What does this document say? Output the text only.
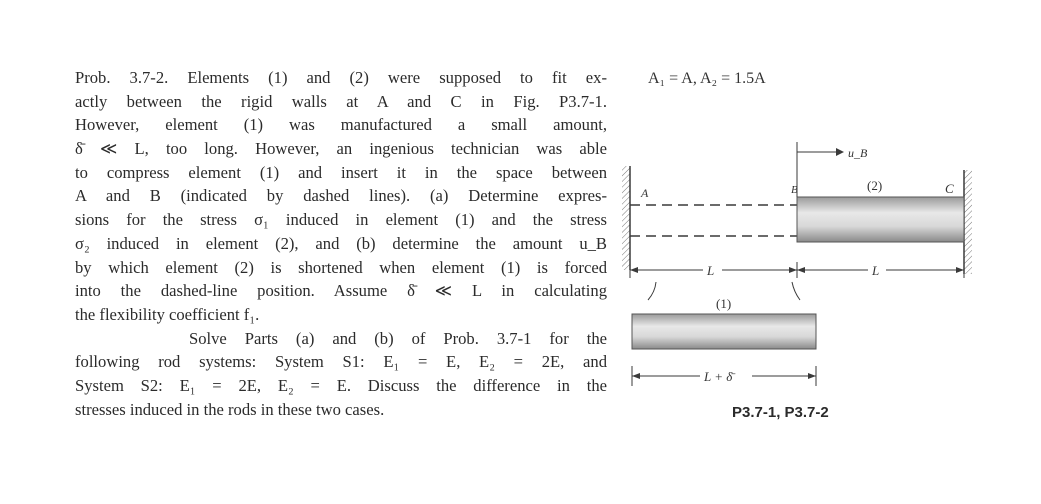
Prob. 3.7-2. Elements (1) and (2) were supposed to fit ex-
actly between the rigid walls at A and C in Fig. P3.7-1.
However, element (1) was manufactured a small amount,
δ̄ ≪ L, too long. However, an ingenious technician was able
to compress element (1) and insert it in the space between
A and B (indicated by dashed lines). (a) Determine expres-
sions for the stress σ₁ induced in element (1) and the stress
σ₂ induced in element (2), and (b) determine the amount u_B
by which element (2) is shortened when element (1) is forced
into the dashed-line position. Assume δ̄ ≪ L in calculating
the flexibility coefficient f₁.

Solve Parts (a) and (b) of Prob. 3.7-1 for the
following rod systems: System S1: E₁ = E, E₂ = 2E, and
System S2: E₁ = 2E, E₂ = E. Discuss the difference in the
stresses induced in the rods in these two cases.

A₁ = A, A₂ = 1.5A
A	C
(2)
B
u_B
L	L
(1)
L + δ̄
P3.7-1, P3.7-2
